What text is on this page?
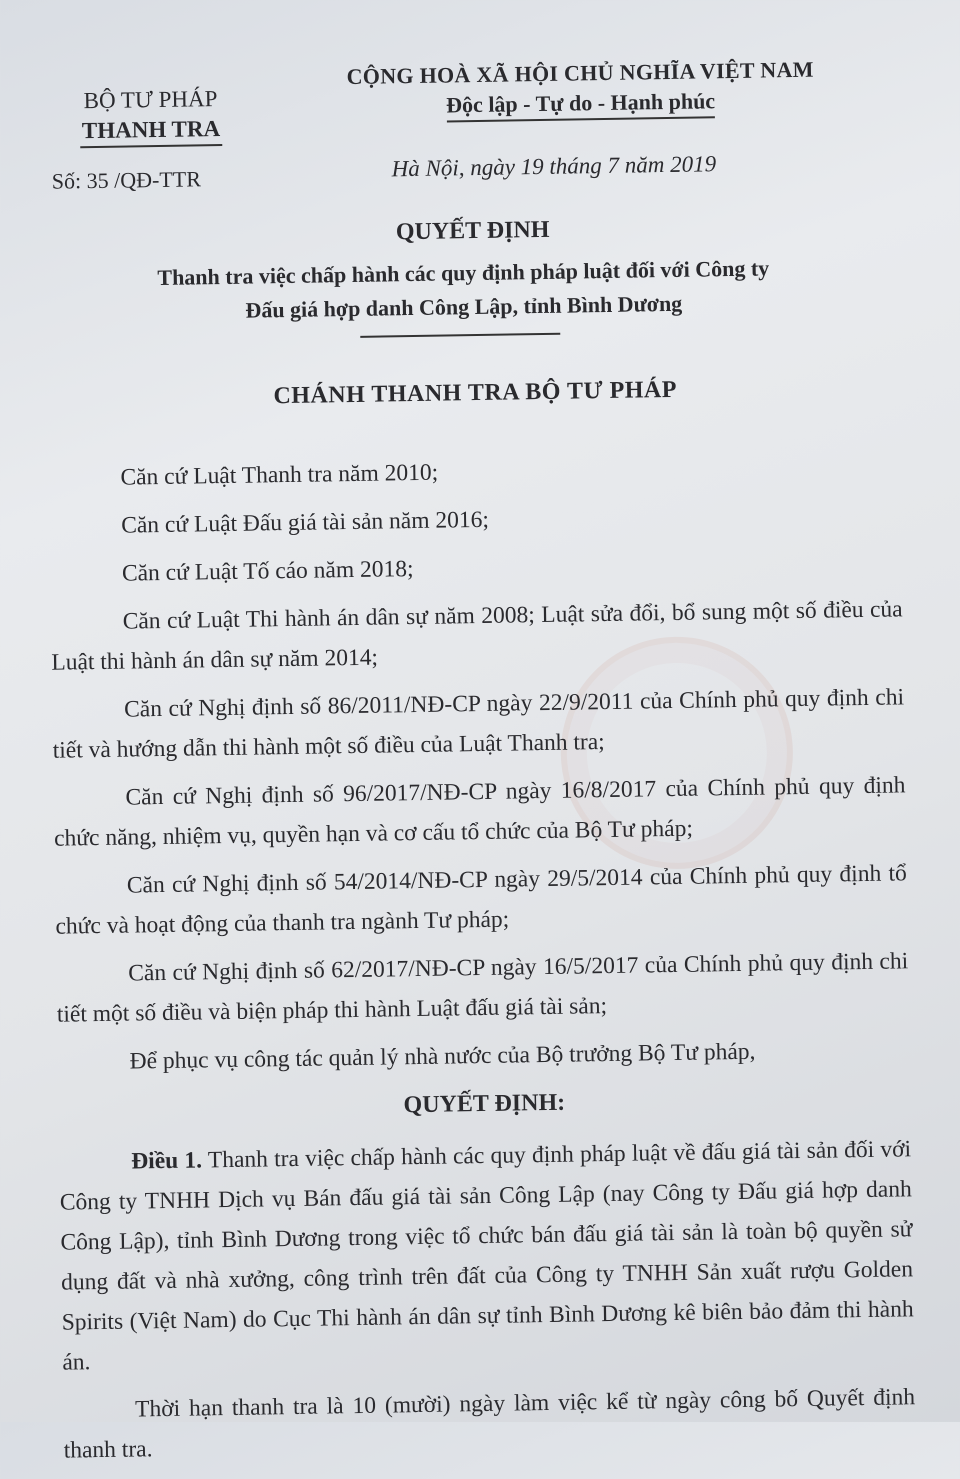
BỘ TƯ PHÁP
THANH TRA
Số: 35 /QĐ-TTR
CỘNG HOÀ XÃ HỘI CHỦ NGHĨA VIỆT NAM
Độc lập - Tự do - Hạnh phúc
Hà Nội, ngày 19 tháng 7 năm 2019
QUYẾT ĐỊNH
Thanh tra việc chấp hành các quy định pháp luật đối với Công ty
Đấu giá hợp danh Công Lập, tỉnh Bình Dương
CHÁNH THANH TRA BỘ TƯ PHÁP

Căn cứ Luật Thanh tra năm 2010;

Căn cứ Luật Đấu giá tài sản năm 2016;

Căn cứ Luật Tố cáo năm 2018;

Căn cứ Luật Thi hành án dân sự năm 2008; Luật sửa đổi, bổ sung một số điều của Luật thi hành án dân sự năm 2014;

Căn cứ Nghị định số 86/2011/NĐ-CP ngày 22/9/2011 của Chính phủ quy định chi tiết và hướng dẫn thi hành một số điều của Luật Thanh tra;

Căn cứ Nghị định số 96/2017/NĐ-CP ngày 16/8/2017 của Chính phủ quy định chức năng, nhiệm vụ, quyền hạn và cơ cấu tổ chức của Bộ Tư pháp;

Căn cứ Nghị định số 54/2014/NĐ-CP ngày 29/5/2014 của Chính phủ quy định tổ chức và hoạt động của thanh tra ngành Tư pháp;

Căn cứ Nghị định số 62/2017/NĐ-CP ngày 16/5/2017 của Chính phủ quy định chi tiết một số điều và biện pháp thi hành Luật đấu giá tài sản;

Để phục vụ công tác quản lý nhà nước của Bộ trưởng Bộ Tư pháp,

QUYẾT ĐỊNH:

Điều 1. Thanh tra việc chấp hành các quy định pháp luật về đấu giá tài sản đối với Công ty TNHH Dịch vụ Bán đấu giá tài sản Công Lập (nay Công ty Đấu giá hợp danh Công Lập), tỉnh Bình Dương trong việc tổ chức bán đấu giá tài sản là toàn bộ quyền sử dụng đất và nhà xưởng, công trình trên đất của Công ty TNHH Sản xuất rượu Golden Spirits (Việt Nam) do Cục Thi hành án dân sự tỉnh Bình Dương kê biên bảo đảm thi hành án.

Thời hạn thanh tra là 10 (mười) ngày làm việc kể từ ngày công bố Quyết định thanh tra.
